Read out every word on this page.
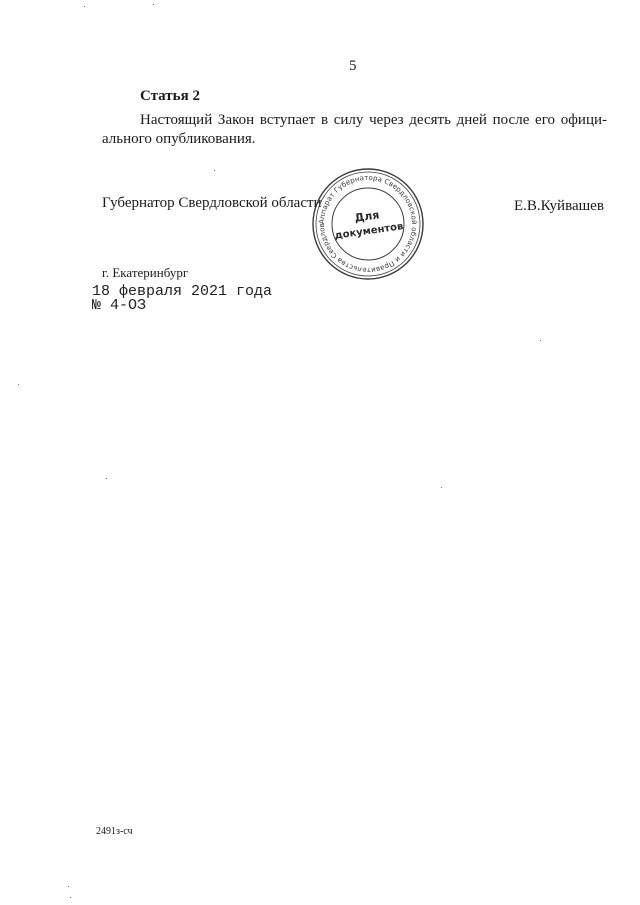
5
Статья 2
Настоящий Закон вступает в силу через десять дней после его офици-
ального опубликования.
Губернатор Свердловской области	Е.В.Куйвашев
Аппарат Губернатора Свердловской области и Правительства Свердлов
Для
документов
г. Екатеринбург
18 февраля 2021 года
№ 4-ОЗ
2491з-сч
